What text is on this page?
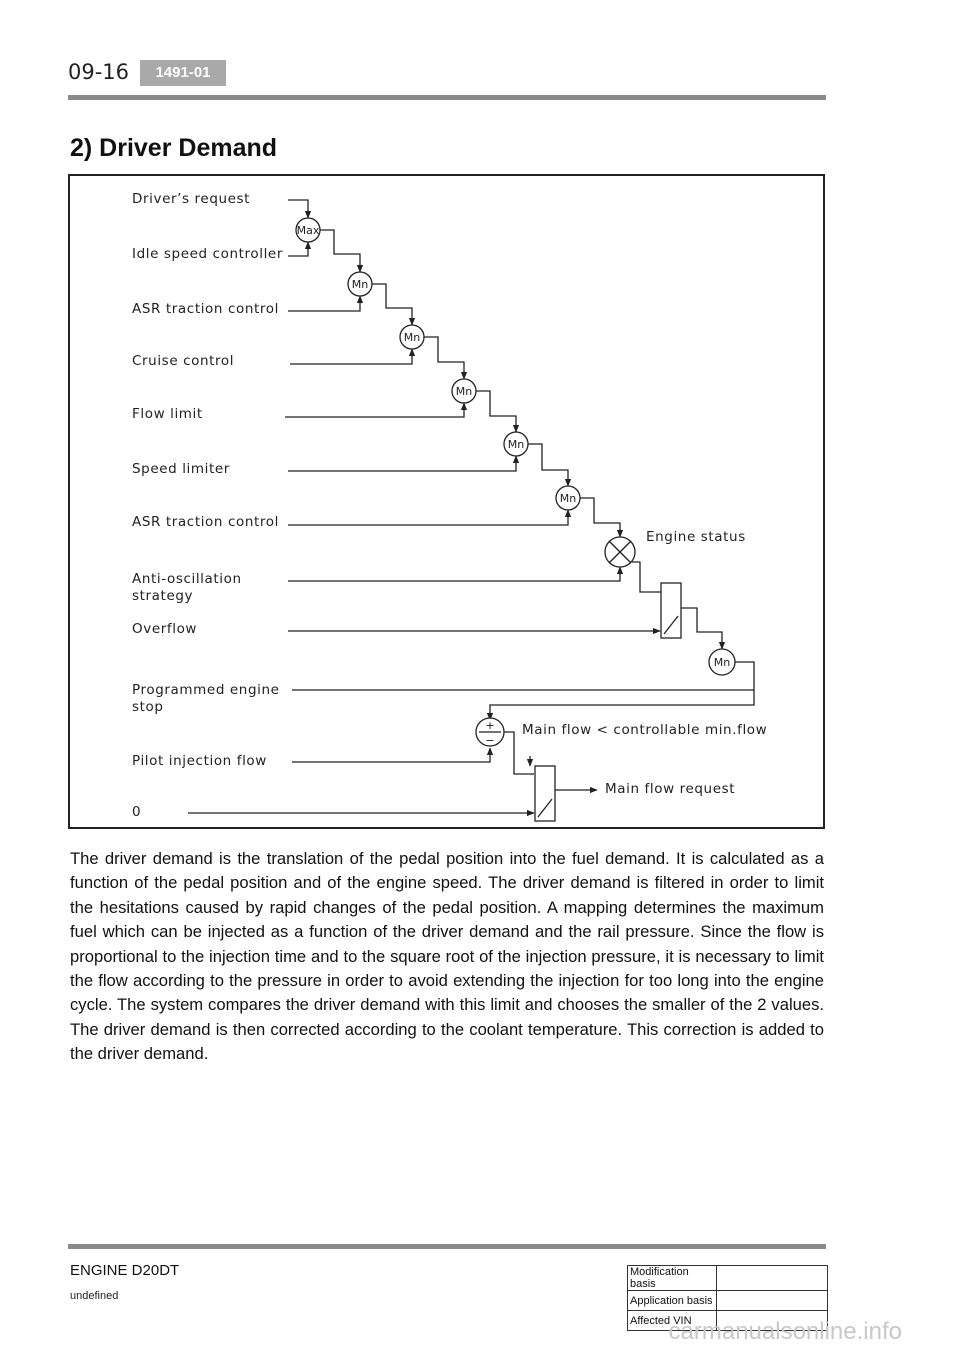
09-16	1491-01
2) Driver Demand
Driver’s request
Idle speed controller
ASR traction control
Cruise control
Flow limit
Speed limiter
ASR traction control
Anti-oscillation
strategy
Overflow
Programmed engine
stop
Pilot injection flow
0
Engine status
Main flow < controllable min.flow
Main flow request
Max
Mn
Mn
Mn
Mn
Mn
Mn
+
−
The driver demand is the translation of the pedal position into the fuel demand. It is calculated as a function of the pedal position and of the engine speed. The driver demand is filtered in order to limit the hesitations caused by rapid changes of the pedal position. A mapping determines the maximum fuel which can be injected as a function of the driver demand and the rail pressure. Since the flow is proportional to the injection time and to the square root of the injection pressure, it is necessary to limit the flow according to the pressure in order to avoid extending the injection for too long into the engine cycle. The system compares the driver demand with this limit and chooses the smaller of the 2 values. The driver demand is then corrected according to the coolant temperature. This correction is added to the driver demand.
ENGINE D20DT
undefined
Modification basis	
Application basis	
Affected VIN	
carmanualsonline.info
